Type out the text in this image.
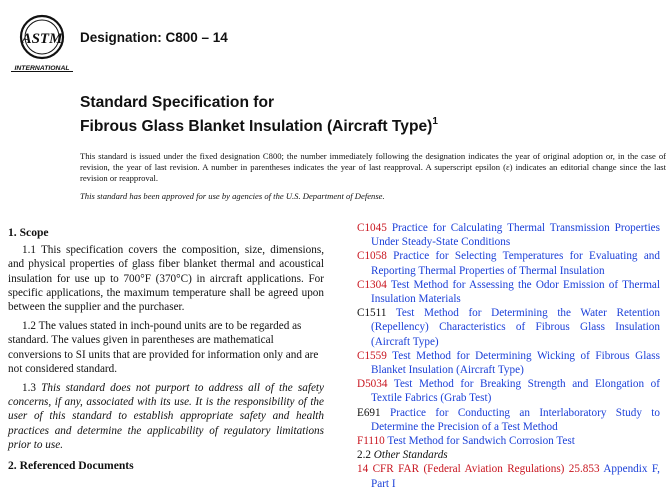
ASTM
INTERNATIONAL
Designation: C800 – 14
Standard Specification for
Fibrous Glass Blanket Insulation (Aircraft Type)$^1$
This standard is issued under the fixed designation C800; the number immediately following the designation indicates the year of original adoption or, in the case of revision, the year of last revision. A number in parentheses indicates the year of last reapproval. A superscript epsilon (ε) indicates an editorial change since the last revision or reapproval.
This standard has been approved for use by agencies of the U.S. Department of Defense.
1. Scope

1.1 This specification covers the composition, size, dimensions, and physical properties of glass fiber blanket thermal and acoustical insulation for use up to 700°F (370°C) in aircraft applications. For specific applications, the maximum temperature shall be agreed upon between the supplier and the purchaser.

1.2 The values stated in inch-pound units are to be regarded as standard. The values given in parentheses are mathematical conversions to SI units that are provided for information only and are not considered standard.

1.3 This standard does not purport to address all of the safety concerns, if any, associated with its use. It is the responsibility of the user of this standard to establish appropriate safety and health practices and determine the applicability of regulatory limitations prior to use.

2. Referenced Documents

C1045 Practice for Calculating Thermal Transmission Properties Under Steady-State Conditions

C1058 Practice for Selecting Temperatures for Evaluating and Reporting Thermal Properties of Thermal Insulation

C1304 Test Method for Assessing the Odor Emission of Thermal Insulation Materials

C1511 Test Method for Determining the Water Retention (Repellency) Characteristics of Fibrous Glass Insulation (Aircraft Type)

C1559 Test Method for Determining Wicking of Fibrous Glass Blanket Insulation (Aircraft Type)

D5034 Test Method for Breaking Strength and Elongation of Textile Fabrics (Grab Test)

E691 Practice for Conducting an Interlaboratory Study to Determine the Precision of a Test Method

F1110 Test Method for Sandwich Corrosion Test

2.2 Other Standards

14 CFR FAR (Federal Aviation Regulations) 25.853 Appendix F, Part I
